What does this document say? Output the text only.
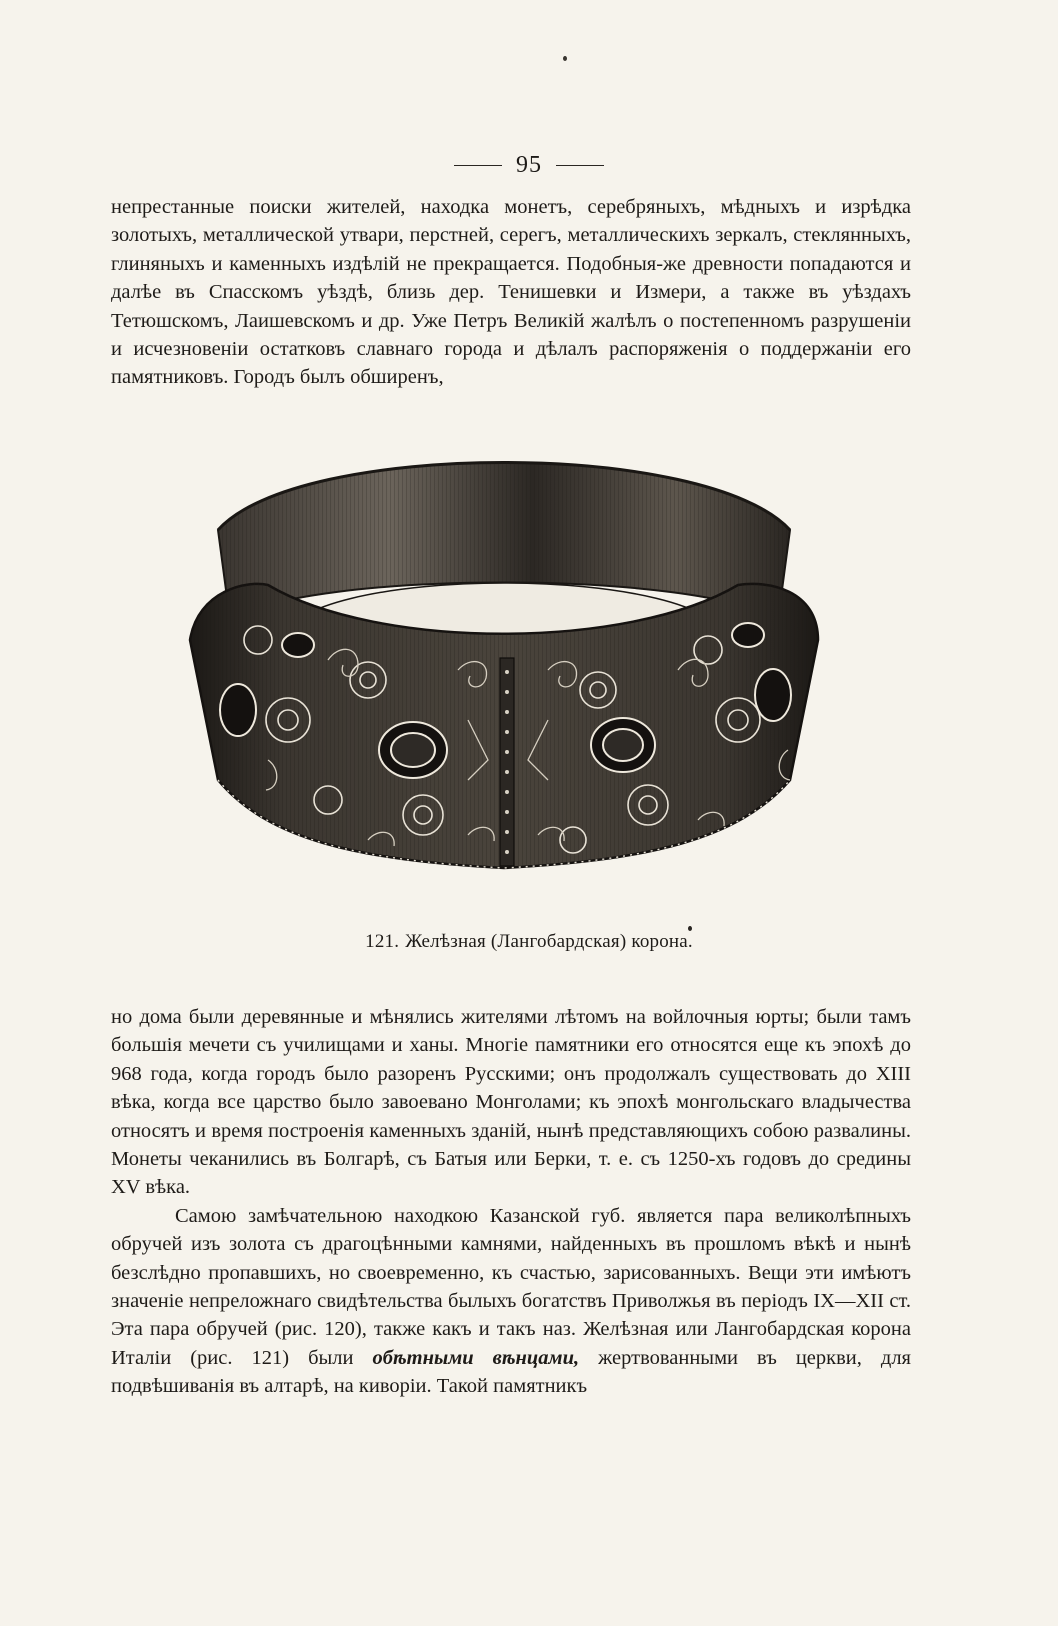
95

непрестанные поиски жителей, находка монетъ, серебряныхъ, мѣдныхъ и изрѣдка золотыхъ, металлической утвари, перстней, серегъ, металлическихъ зеркалъ, стеклянныхъ, глиняныхъ и каменныхъ издѣлій не прекращается. Подобныя-же древности попадаются и далѣе въ Спасскомъ уѣздѣ, близь дер. Тенишевки и Измери, а также въ уѣздахъ Тетюшскомъ, Лаишевскомъ и др. Уже Петръ Великій жалѣлъ о постепенномъ разрушеніи и исчезновеніи остатковъ славнаго города и дѣлалъ распоряженія о поддержаніи его памятниковъ. Городъ былъ обширенъ,

121. Желѣзная (Лангобардская) корона.

но дома были деревянные и мѣнялись жителями лѣтомъ на войлочныя юрты; были тамъ большія мечети съ училищами и ханы. Многіе памятники его относятся еще къ эпохѣ до 968 года, когда городъ было разоренъ Русскими; онъ продолжалъ существовать до XIII вѣка, когда все царство было завоевано Монголами; къ эпохѣ монгольскаго владычества относятъ и время построенія каменныхъ зданій, нынѣ представляющихъ собою развалины. Монеты чеканились въ Болгарѣ, съ Батыя или Берки, т. е. съ 1250-хъ годовъ до средины XV вѣка.

Самою замѣчательною находкою Казанской губ. является пара великолѣпныхъ обручей изъ золота съ драгоцѣнными камнями, найденныхъ въ прошломъ вѣкѣ и нынѣ безслѣдно пропавшихъ, но своевременно, къ счастью, зарисованныхъ. Вещи эти имѣютъ значеніе непреложнаго свидѣтельства былыхъ богатствъ Приволжья въ періодъ IX—XII ст. Эта пара обручей (рис. 120), также какъ и такъ наз. Желѣзная или Лангобардская корона Италіи (рис. 121) были обѣтными вѣнцами, жертвованными въ церкви, для подвѣшиванія въ алтарѣ, на киворіи. Такой памятникъ
